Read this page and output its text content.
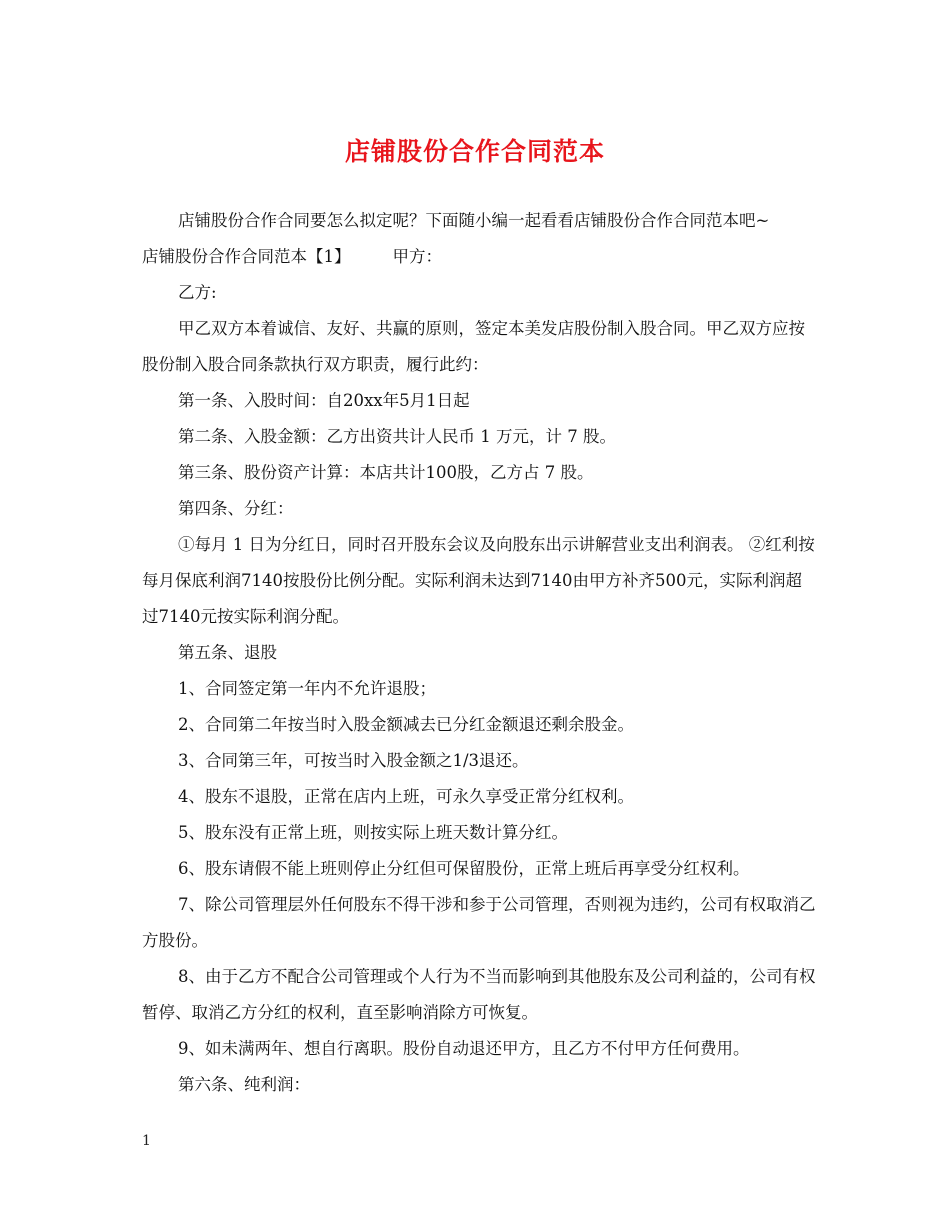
店铺股份合作合同范本

店铺股份合作合同要怎么拟定呢？下面随小编一起看看店铺股份合作合同范本吧~

店铺股份合作合同范本【1】        甲方：

乙方:

甲乙双方本着诚信、友好、共赢的原则，签定本美发店股份制入股合同。甲乙双方应按股份制入股合同条款执行双方职责，履行此约：

第一条、入股时间：自20xx年5月1日起

第二条、入股金额：乙方出资共计人民币 1 万元，计 7 股。

第三条、股份资产计算：本店共计100股，乙方占 7 股。

第四条、分红：

①每月 1 日为分红日，同时召开股东会议及向股东出示讲解营业支出利润表。 ②红利按每月保底利润7140按股份比例分配。实际利润未达到7140由甲方补齐500元，实际利润超过7140元按实际利润分配。

第五条、退股

1、合同签定第一年内不允许退股；

2、合同第二年按当时入股金额减去已分红金额退还剩余股金。

3、合同第三年，可按当时入股金额之1/3退还。

4、股东不退股，正常在店内上班，可永久享受正常分红权利。

5、股东没有正常上班，则按实际上班天数计算分红。

6、股东请假不能上班则停止分红但可保留股份，正常上班后再享受分红权利。

7、除公司管理层外任何股东不得干涉和参于公司管理，否则视为违约，公司有权取消乙方股份。

8、由于乙方不配合公司管理或个人行为不当而影响到其他股东及公司利益的，公司有权暂停、取消乙方分红的权利，直至影响消除方可恢复。

9、如未满两年、想自行离职。股份自动退还甲方，且乙方不付甲方任何费用。

第六条、纯利润：

1
